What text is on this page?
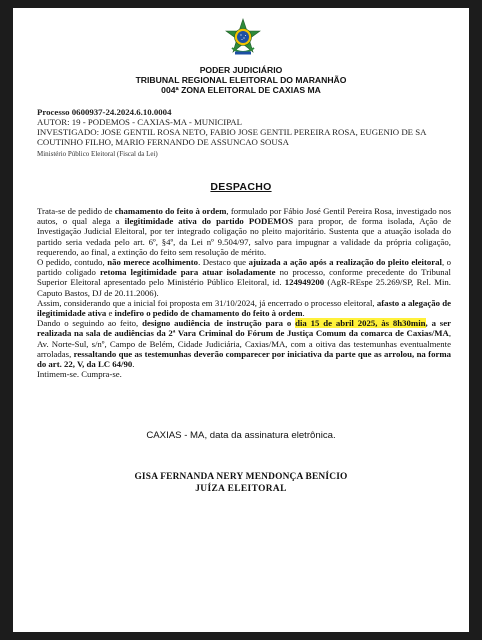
PODER JUDICIÁRIO
TRIBUNAL REGIONAL ELEITORAL DO MARANHÃO
004ª ZONA ELEITORAL DE CAXIAS MA
Processo 0600937-24.2024.6.10.0004
AUTOR: 19 - PODEMOS - CAXIAS-MA - MUNICIPAL
INVESTIGADO: JOSE GENTIL ROSA NETO, FABIO JOSE GENTIL PEREIRA ROSA, EUGENIO DE SA COUTINHO FILHO, MARIO FERNANDO DE ASSUNCAO SOUSA
Ministério Público Eleitoral (Fiscal da Lei)
DESPACHO

Trata-se de pedido de chamamento do feito à ordem, formulado por Fábio José Gentil Pereira Rosa, investigado nos autos, o qual alega a ilegitimidade ativa do partido PODEMOS para propor, de forma isolada, Ação de Investigação Judicial Eleitoral, por ter integrado coligação no pleito majoritário. Sustenta que a atuação isolada do partido seria vedada pelo art. 6º, §4º, da Lei nº 9.504/97, salvo para impugnar a validade da própria coligação, requerendo, ao final, a extinção do feito sem resolução de mérito.

O pedido, contudo, não merece acolhimento. Destaco que ajuizada a ação após a realização do pleito eleitoral, o partido coligado retoma legitimidade para atuar isoladamente no processo, conforme precedente do Tribunal Superior Eleitoral apresentado pelo Ministério Público Eleitoral, id. 124949200 (AgR-REspe 25.269/SP, Rel. Min. Caputo Bastos, DJ de 20.11.2006).

Assim, considerando que a inicial foi proposta em 31/10/2024, já encerrado o processo eleitoral, afasto a alegação de ilegitimidade ativa e indefiro o pedido de chamamento do feito à ordem.

Dando o seguindo ao feito, designo audiência de instrução para o dia 15 de abril 2025, às 8h30min, a ser realizada na sala de audiências da 2ª Vara Criminal do Fórum de Justiça Comum da comarca de Caxias/MA, Av. Norte-Sul, s/nº, Campo de Belém, Cidade Judiciária, Caxias/MA, com a oitiva das testemunhas eventualmente arroladas, ressaltando que as testemunhas deverão comparecer por iniciativa da parte que as arrolou, na forma do art. 22, V, da LC 64/90.

Intimem-se. Cumpra-se.

CAXIAS - MA, data da assinatura eletrônica.
GISA FERNANDA NERY MENDONÇA BENÍCIO
JUÍZA ELEITORAL
